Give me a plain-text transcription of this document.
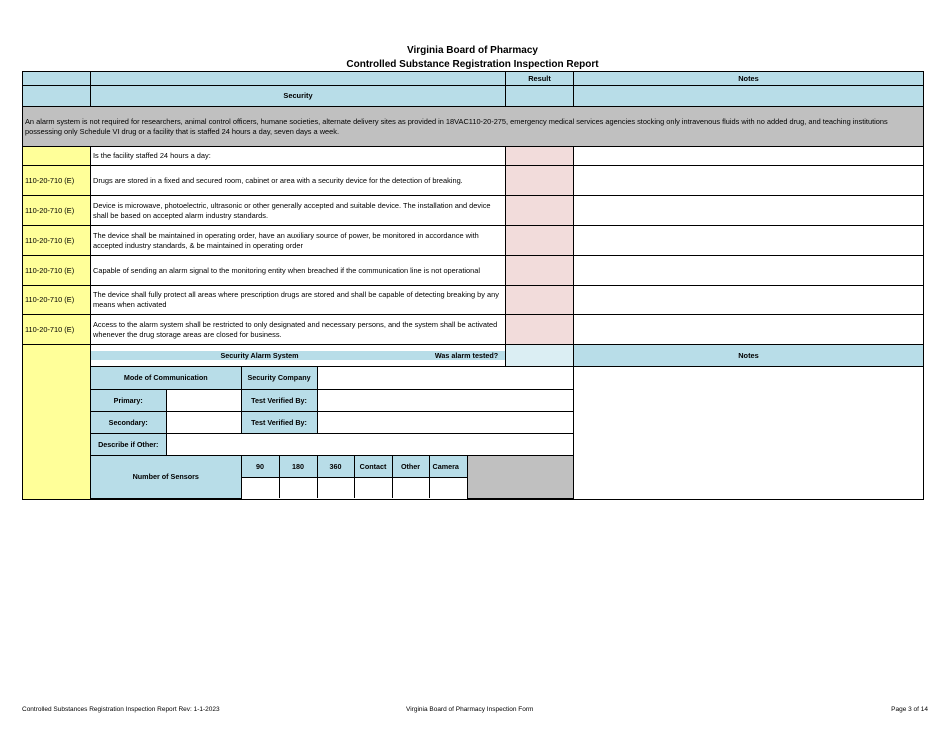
Virginia Board of Pharmacy
Controlled Substance Registration Inspection Report
		Result	Notes
	Security		
An alarm system is not required for researchers, animal control officers, humane societies, alternate delivery sites as provided in 18VAC110-20-275, emergency medical services agencies stocking only intravenous fluids with no added drug, and teaching institutions possessing only Schedule VI drug or a facility that is staffed 24 hours a day, seven days a week.
	Is the facility staffed 24 hours a day:		
110-20-710 (E)	Drugs are stored in a fixed and secured room, cabinet or area with a security device for the detection of breaking.		
110-20-710 (E)	Device is microwave, photoelectric, ultrasonic or other generally accepted and suitable device. The installation and device shall be based on accepted alarm industry standards.		
110-20-710 (E)	The device shall be maintained in operating order, have an auxiliary source of power, be monitored in accordance with accepted industry standards, & be maintained in operating order		
110-20-710 (E)	Capable of sending an alarm signal to the monitoring entity when breached if the communication line is not operational		
110-20-710 (E)	The device shall fully protect all areas where prescription drugs are stored and shall be capable of detecting breaking by any means when activated		
110-20-710 (E)	Access to the alarm system shall be restricted to only designated and necessary persons, and the system shall be activated whenever the drug storage areas are closed for business.		

Security Alarm System	Was alarm tested?
			Notes

Mode of Communication	Security Company	
Primary:		Test Verified By:	
Secondary:		Test Verified By:	
Describe if Other:	
Number of Sensors	90	180	360	Contact	Other	Camera	

Controlled Substances Registration Inspection Report Rev: 1-1-2023	Virginia Board of Pharmacy Inspection Form	Page 3 of 14
